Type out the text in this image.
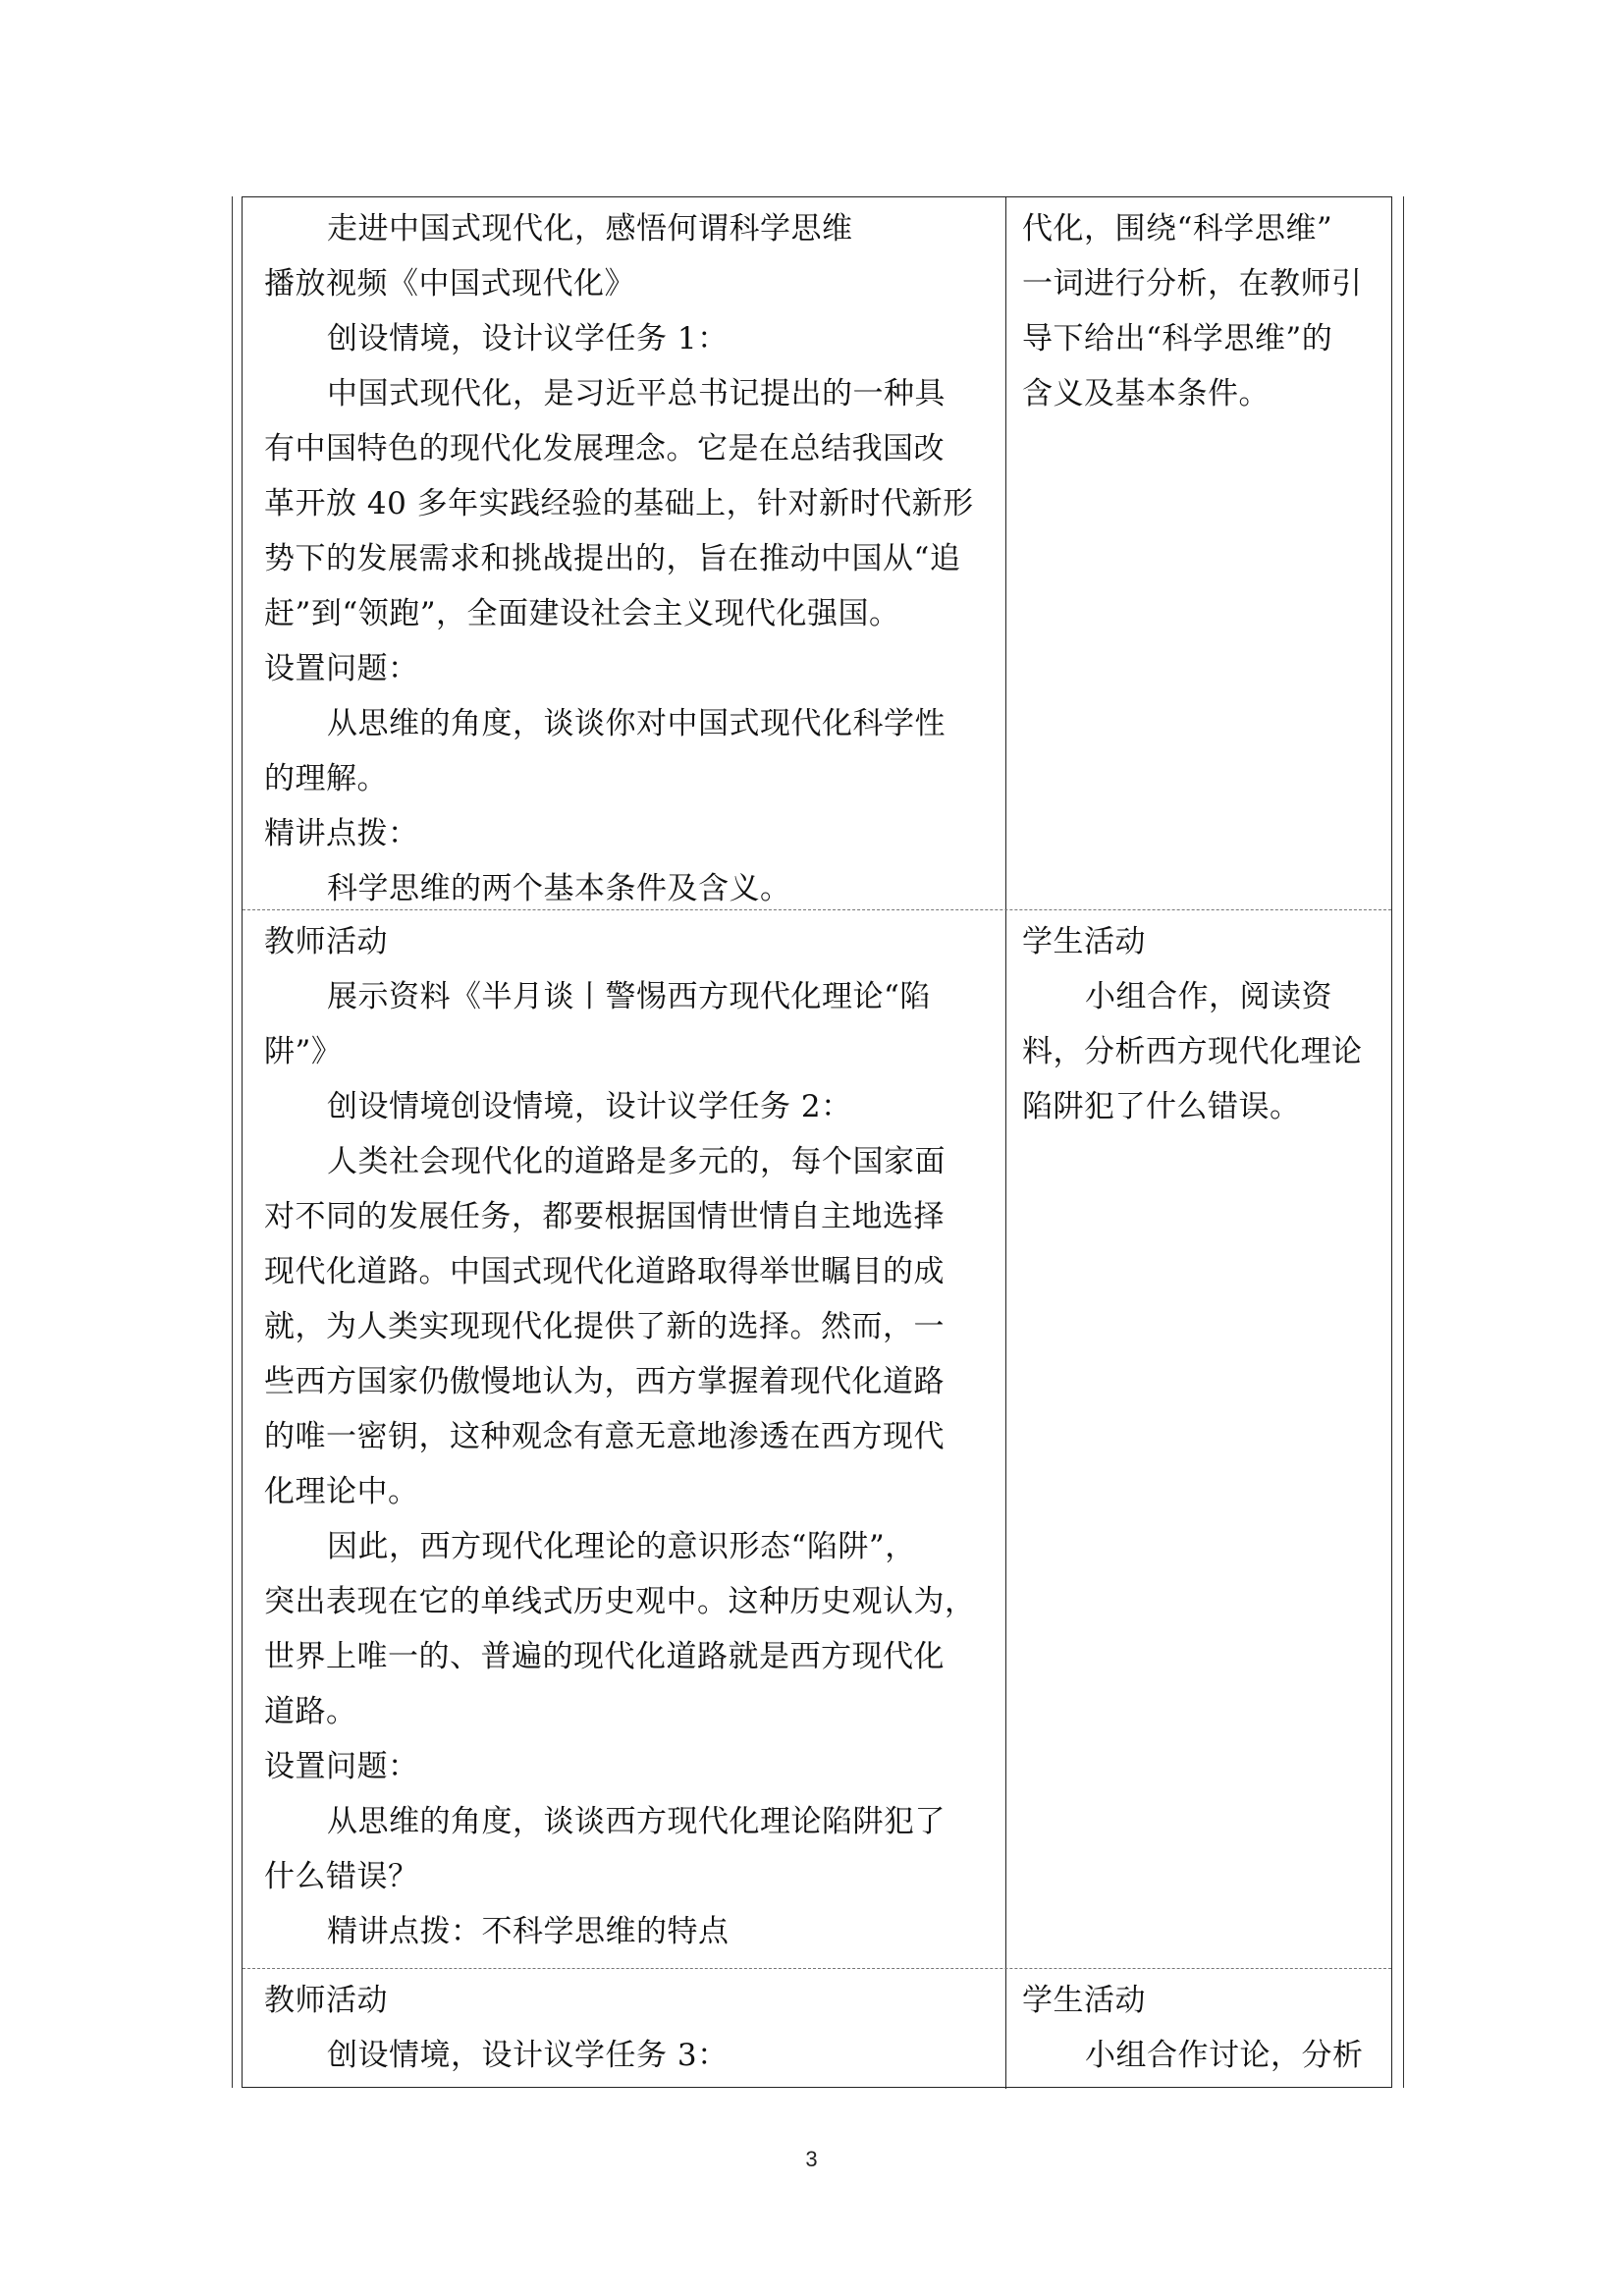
走进中国式现代化，感悟何谓科学思维
播放视频《中国式现代化》
创设情境，设计议学任务 1：
中国式现代化，是习近平总书记提出的一种具
有中国特色的现代化发展理念。它是在总结我国改
革开放 40 多年实践经验的基础上，针对新时代新形
势下的发展需求和挑战提出的，旨在推动中国从“追
赶”到“领跑”，全面建设社会主义现代化强国。
设置问题：
从思维的角度，谈谈你对中国式现代化科学性
的理解。
精讲点拨：
科学思维的两个基本条件及含义。
代化，围绕“科学思维”
一词进行分析，在教师引
导下给出“科学思维”的
含义及基本条件。
教师活动
展示资料《半月谈丨警惕西方现代化理论“陷
阱”》
创设情境创设情境，设计议学任务 2：
人类社会现代化的道路是多元的，每个国家面
对不同的发展任务，都要根据国情世情自主地选择
现代化道路。中国式现代化道路取得举世瞩目的成
就，为人类实现现代化提供了新的选择。然而，一
些西方国家仍傲慢地认为，西方掌握着现代化道路
的唯一密钥，这种观念有意无意地渗透在西方现代
化理论中。
因此，西方现代化理论的意识形态“陷阱”，
突出表现在它的单线式历史观中。这种历史观认为，
世界上唯一的、普遍的现代化道路就是西方现代化
道路。
设置问题：
从思维的角度，谈谈西方现代化理论陷阱犯了
什么错误？
精讲点拨：不科学思维的特点
学生活动
小组合作，阅读资
料，分析西方现代化理论
陷阱犯了什么错误。
教师活动
创设情境，设计议学任务 3：
学生活动
小组合作讨论，分析
3
